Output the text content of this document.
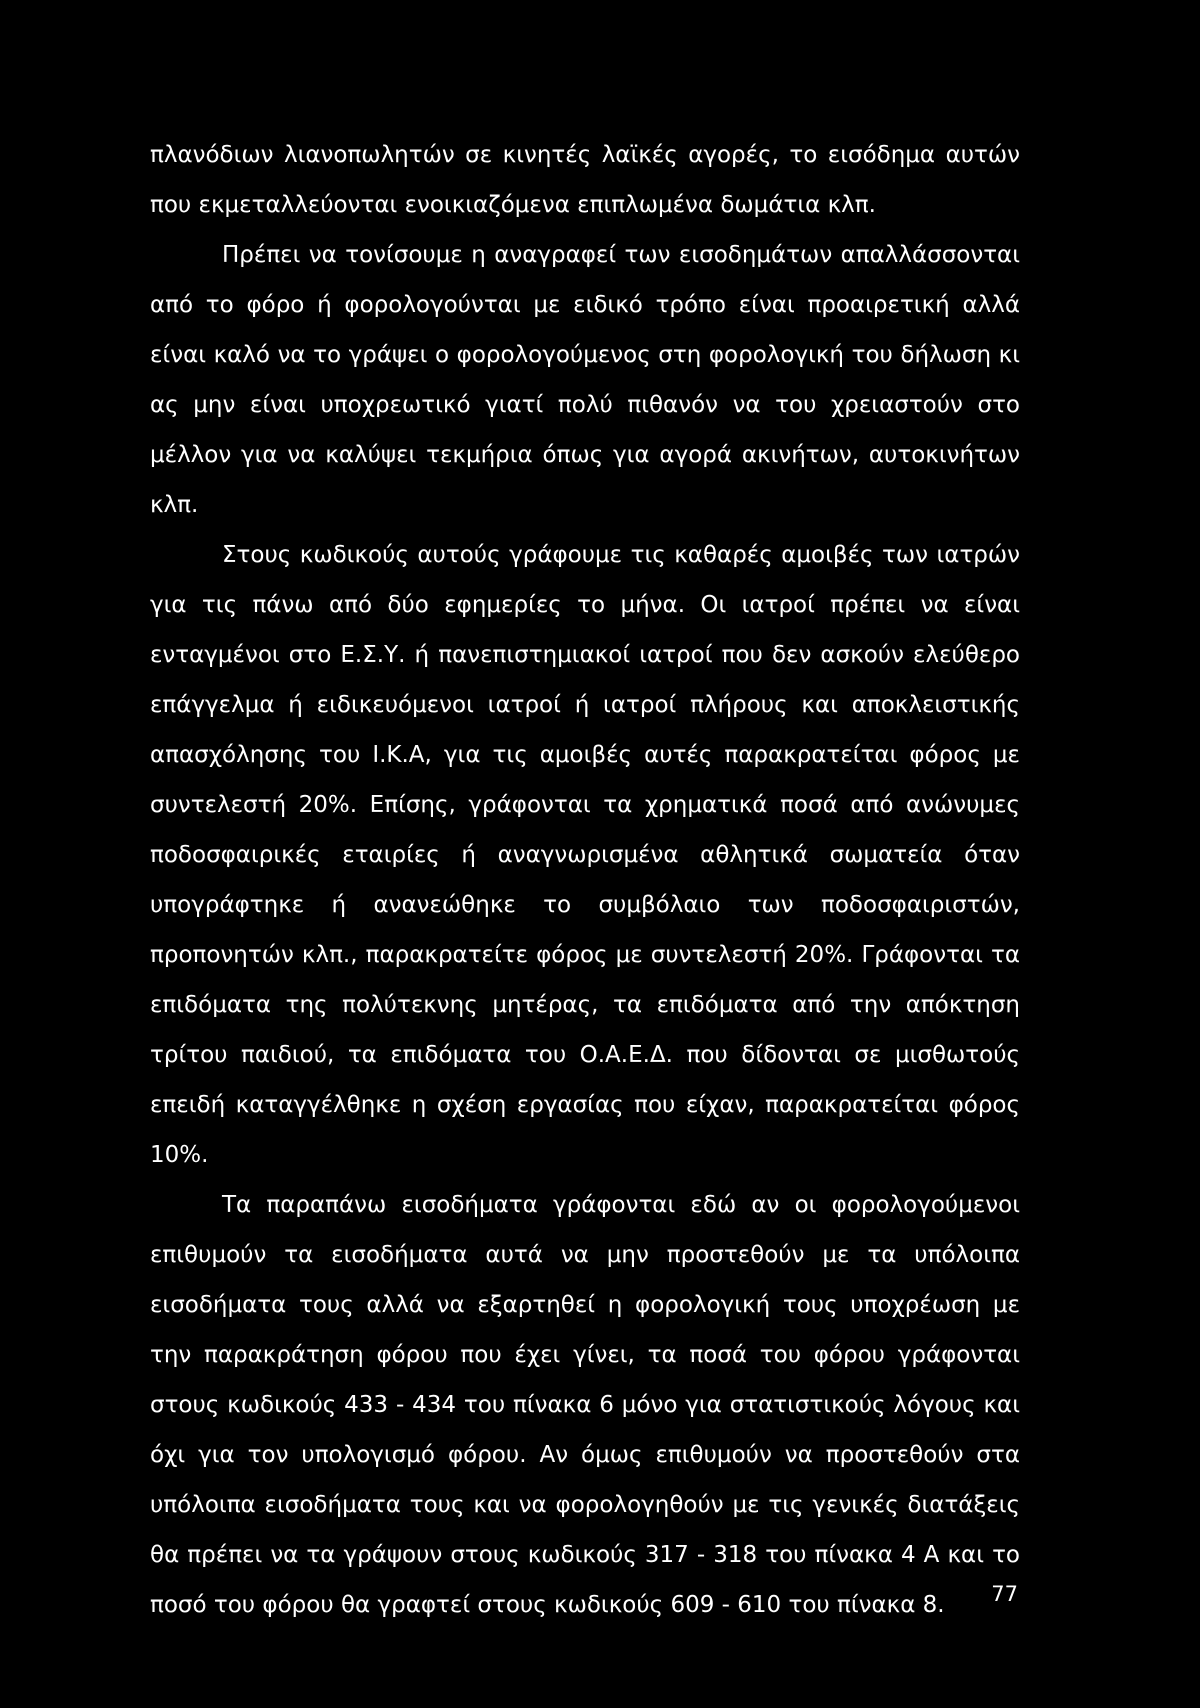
πλανόδιων λιανοπωλητών σε κινητές λαϊκές αγορές, το εισόδημα αυτών που εκμεταλλεύονται ενοικιαζόμενα επιπλωμένα δωμάτια κλπ.

Πρέπει να τονίσουμε η αναγραφεί των εισοδημάτων απαλλάσσονται από το φόρο ή φορολογούνται με ειδικό τρόπο είναι προαιρετική αλλά είναι καλό να το γράψει ο φορολογούμενος στη φορολογική του δήλωση κι ας μην είναι υποχρεωτικό γιατί πολύ πιθανόν να του χρειαστούν στο μέλλον για να καλύψει τεκμήρια όπως για αγορά ακινήτων, αυτοκινήτων κλπ.

Στους κωδικούς αυτούς γράφουμε τις καθαρές αμοιβές των ιατρών για τις πάνω από δύο εφημερίες το μήνα. Οι ιατροί πρέπει να είναι ενταγμένοι στο Ε.Σ.Υ. ή πανεπιστημιακοί ιατροί που δεν ασκούν ελεύθερο επάγγελμα ή ειδικευόμενοι ιατροί ή ιατροί πλήρους και αποκλειστικής απασχόλησης του Ι.Κ.Α, για τις αμοιβές αυτές παρακρατείται φόρος με συντελεστή 20%. Επίσης, γράφονται τα χρηματικά ποσά από ανώνυμες ποδοσφαιρικές εταιρίες ή αναγνωρισμένα αθλητικά σωματεία όταν υπογράφτηκε ή ανανεώθηκε το συμβόλαιο των ποδοσφαιριστών, προπονητών κλπ., παρακρατείτε φόρος με συντελεστή 20%. Γράφονται τα επιδόματα της πολύτεκνης μητέρας, τα επιδόματα από την απόκτηση τρίτου παιδιού, τα επιδόματα του Ο.Α.Ε.Δ. που δίδονται σε μισθωτούς επειδή καταγγέλθηκε η σχέση εργασίας που είχαν, παρακρατείται φόρος 10%.

Τα παραπάνω εισοδήματα γράφονται εδώ αν οι φορολογούμενοι επιθυμούν τα εισοδήματα αυτά να μην προστεθούν με τα υπόλοιπα εισοδήματα τους αλλά να εξαρτηθεί η φορολογική τους υποχρέωση με την παρακράτηση φόρου που έχει γίνει, τα ποσά του φόρου γράφονται στους κωδικούς 433 - 434 του πίνακα 6 μόνο για στατιστικούς λόγους και όχι για τον υπολογισμό φόρου. Αν όμως επιθυμούν να προστεθούν στα υπόλοιπα εισοδήματα τους και να φορολογηθούν με τις γενικές διατάξεις θα πρέπει να τα γράψουν στους κωδικούς 317 - 318 του πίνακα 4 Α και το ποσό του φόρου θα γραφτεί στους κωδικούς 609 - 610 του πίνακα 8.	77
